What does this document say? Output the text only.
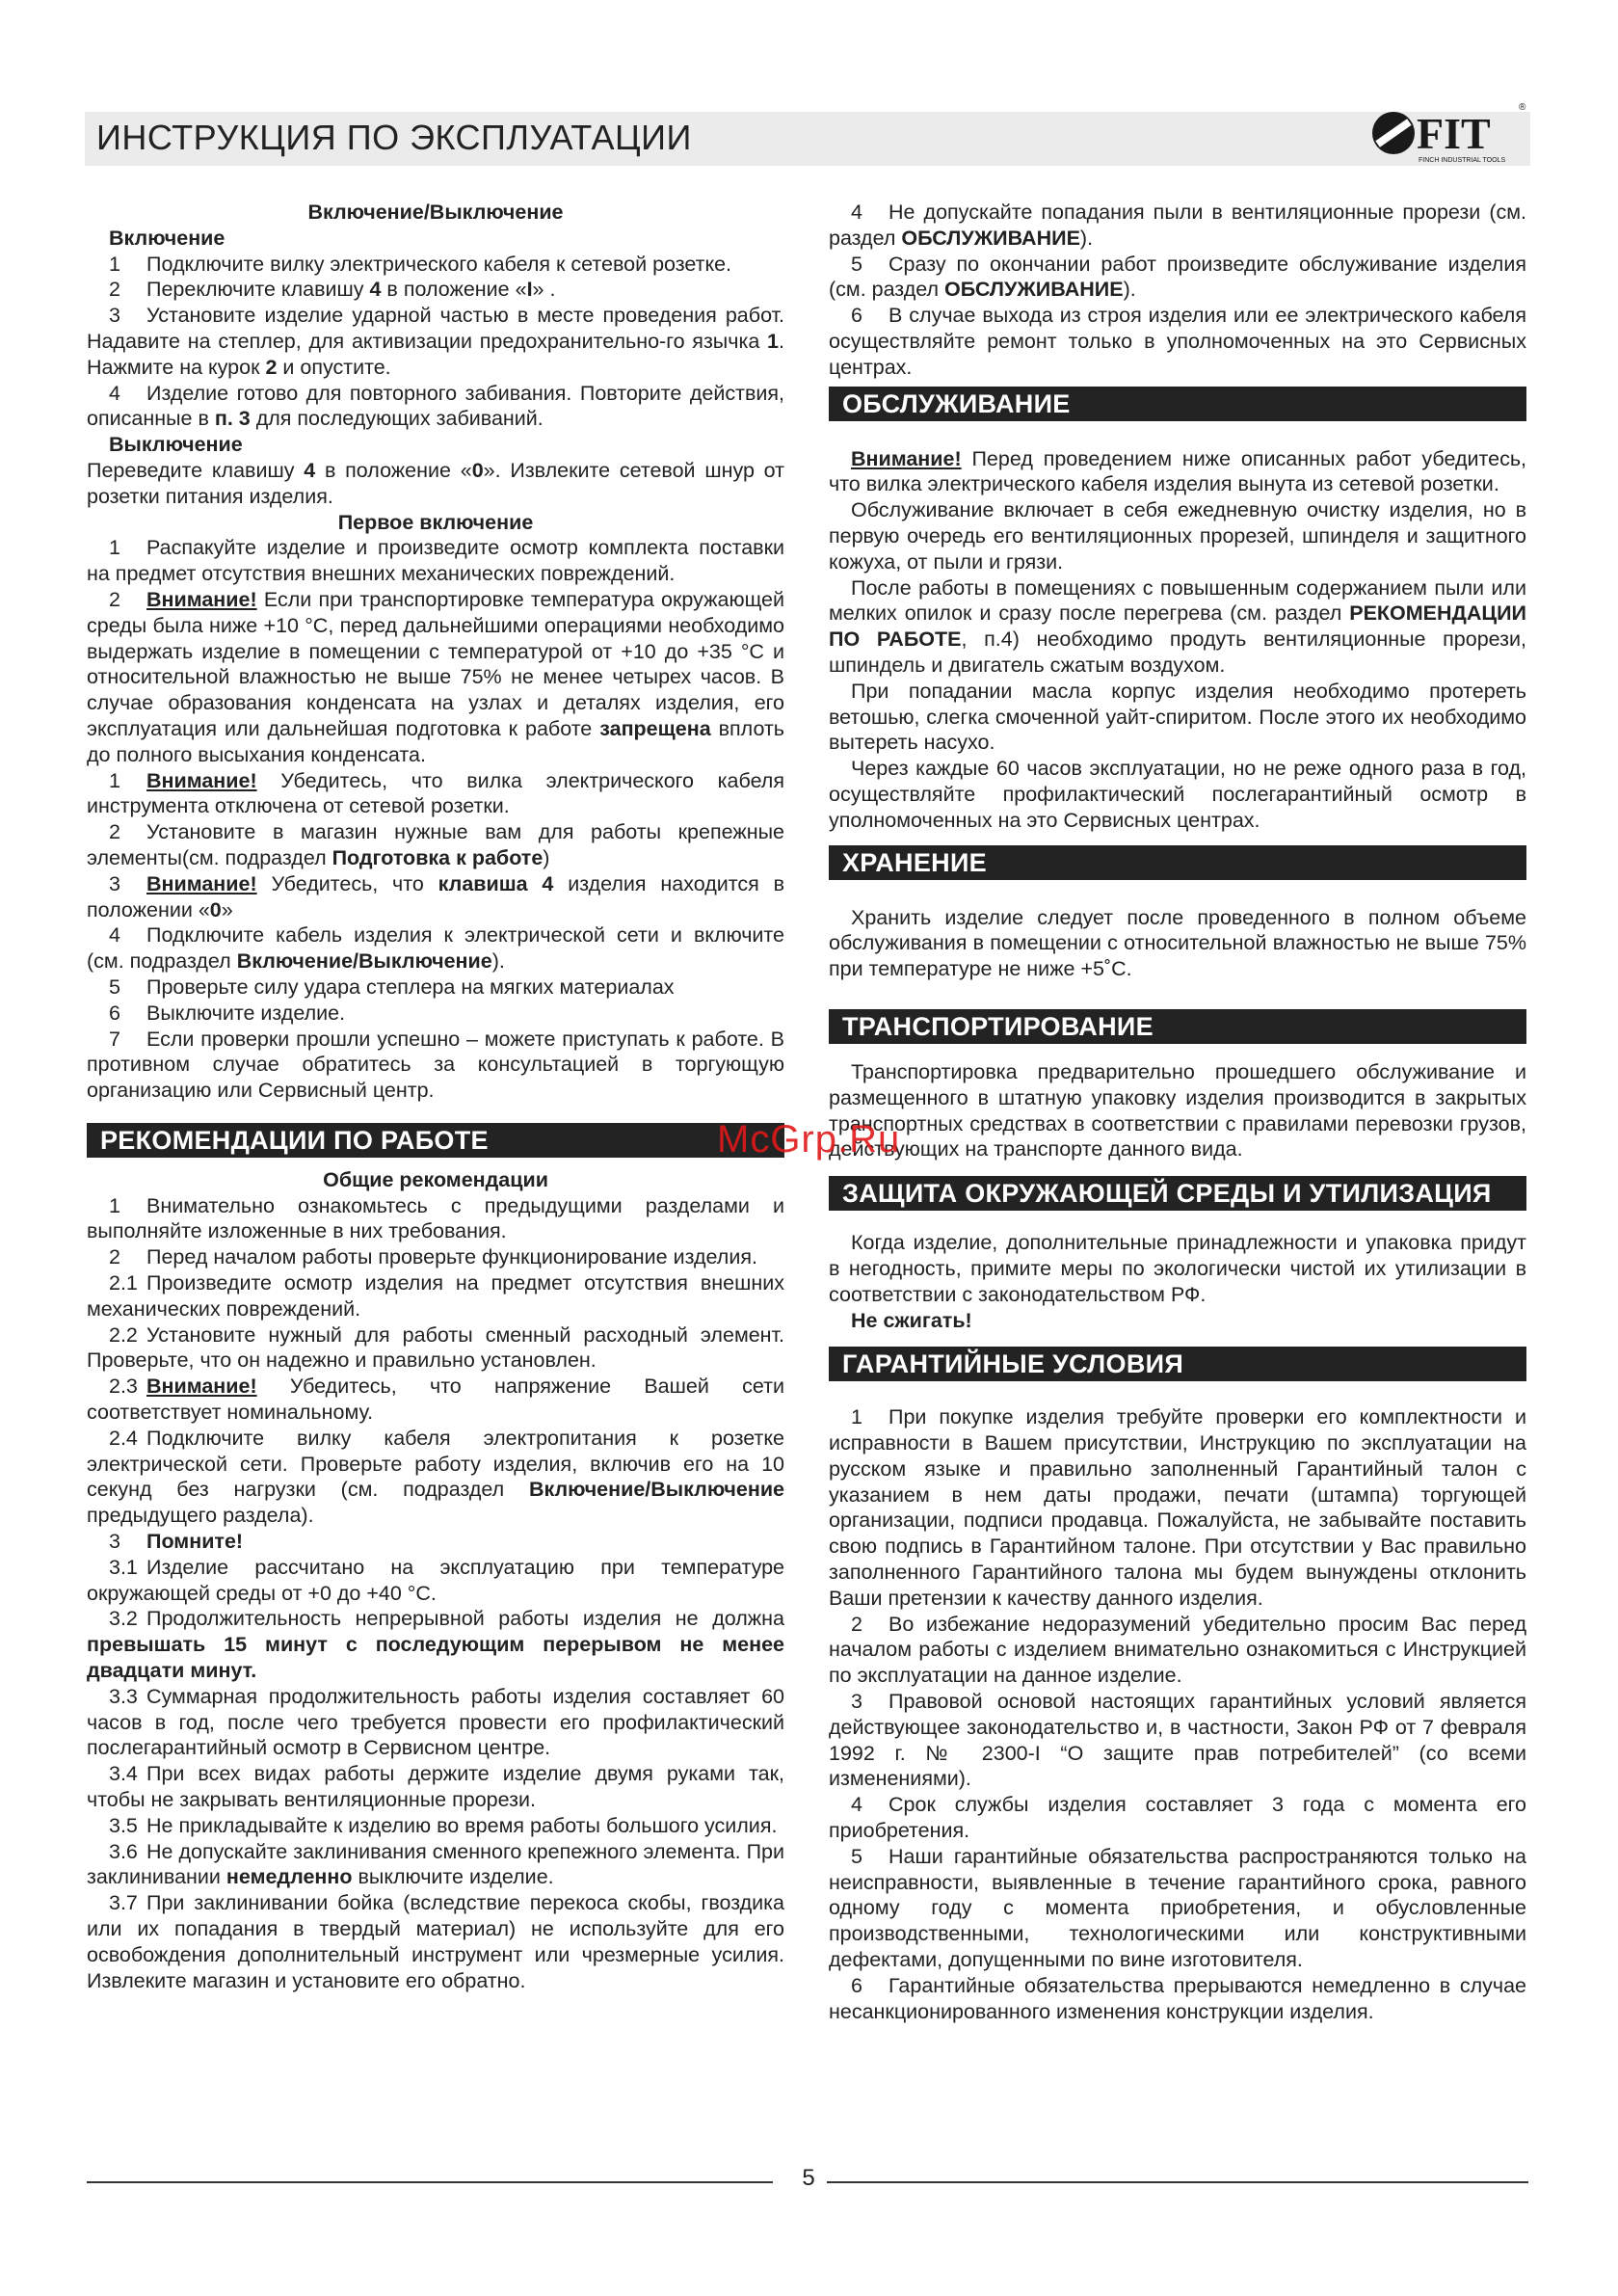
ИНСТРУКЦИЯ ПО ЭКСПЛУАТАЦИИ	FIT
FINCH INDUSTRIAL TOOLS
®
Включение/Выключение
Включение
1 Подключите вилку электрического кабеля к сетевой розетке.
2 Переключите клавишу 4 в положение «I» .
3 Установите изделие ударной частью в месте проведения работ. Надавите на степлер, для активизации предохранительно-го язычка 1. Нажмите на курок 2 и опустите.
4 Изделие готово для повторного забивания. Повторите действия, описанные в п. 3 для последующих забиваний.
Выключение
Переведите клавишу 4 в положение «0». Извлеките сетевой шнур от розетки питания изделия.
Первое включение
1 Распакуйте изделие и произведите осмотр комплекта поставки на предмет отсутствия внешних механических повреждений.
2 Внимание! Если при транспортировке температура окружающей среды была ниже +10 °С, перед дальнейшими операциями необходимо выдержать изделие в помещении с температурой от +10 до +35 °С и относительной влажностью не выше 75% не менее четырех часов. В случае образования конденсата на узлах и деталях изделия, его эксплуатация или дальнейшая подготовка к работе запрещена вплоть до полного высыхания конденсата.
1 Внимание! Убедитесь, что вилка электрического кабеля инструмента отключена от сетевой розетки.
2 Установите в магазин нужные вам для работы крепежные элементы(см. подраздел Подготовка к работе)
3 Внимание! Убедитесь, что клавиша 4 изделия находится в положении «0»
4 Подключите кабель изделия к электрической сети и включите (см. подраздел Включение/Выключение).
5 Проверьте силу удара степлера на мягких материалах
6 Выключите изделие.
7 Если проверки прошли успешно – можете приступать к работе. В противном случае обратитесь за консультацией в торгующую организацию или Сервисный центр.
РЕКОМЕНДАЦИИ ПО РАБОТЕ
Общие рекомендации
1 Внимательно ознакомьтесь с предыдущими разделами и выполняйте изложенные в них требования.
2 Перед началом работы проверьте функционирование изделия.
2.1 Произведите осмотр изделия на предмет отсутствия внешних механических повреждений.
2.2 Установите нужный для работы сменный расходный элемент. Проверьте, что он надежно и правильно установлен.
2.3 Внимание! Убедитесь, что напряжение Вашей сети соответствует номинальному.
2.4 Подключите вилку кабеля электропитания к розетке электрической сети. Проверьте работу изделия, включив его на 10 секунд без нагрузки (см. подраздел Включение/Выключение предыдущего раздела).
3 Помните!
3.1 Изделие рассчитано на эксплуатацию при температуре окружающей среды от +0 до +40 °С.
3.2 Продолжительность непрерывной работы изделия не должна превышать 15 минут с последующим перерывом не менее двадцати минут.
3.3 Суммарная продолжительность работы изделия составляет 60 часов в год, после чего требуется провести его профилактический послегарантийный осмотр в Сервисном центре.
3.4 При всех видах работы держите изделие двумя руками так, чтобы не закрывать вентиляционные прорези.
3.5 Не прикладывайте к изделию во время работы большого усилия.
3.6 Не допускайте заклинивания сменного крепежного элемента. При заклинивании немедленно выключите изделие.
3.7 При заклинивании бойка (вследствие перекоса скобы, гвоздика или их попадания в твердый материал) не используйте для его освобождения дополнительный инструмент или чрезмерные усилия. Извлеките магазин и установите его обратно.
4 Не допускайте попадания пыли в вентиляционные прорези (см. раздел ОБСЛУЖИВАНИЕ).
5 Сразу по окончании работ произведите обслуживание изделия (см. раздел ОБСЛУЖИВАНИЕ).
6 В случае выхода из строя изделия или ее электрического кабеля осуществляйте ремонт только в уполномоченных на это Сервисных центрах.
ОБСЛУЖИВАНИЕ
Внимание! Перед проведением ниже описанных работ убедитесь, что вилка электрического кабеля изделия вынута из сетевой розетки.
Обслуживание включает в себя ежедневную очистку изделия, но в первую очередь его вентиляционных прорезей, шпинделя и защитного кожуха, от пыли и грязи.
После работы в помещениях с повышенным содержанием пыли или мелких опилок и сразу после перегрева (см. раздел РЕКОМЕНДАЦИИ ПО РАБОТЕ, п.4) необходимо продуть вентиляционные прорези, шпиндель и двигатель сжатым воздухом.
При попадании масла корпус изделия необходимо протереть ветошью, слегка смоченной уайт-спиритом. После этого их необходимо вытереть насухо.
Через каждые 60 часов эксплуатации, но не реже одного раза в год, осуществляйте профилактический послегарантийный осмотр в уполномоченных на это Сервисных центрах.
ХРАНЕНИЕ
Хранить изделие следует после проведенного в полном объеме обслуживания в помещении с относительной влажностью не выше 75% при температуре не ниже +5˚С.
ТРАНСПОРТИРОВАНИЕ
Транспортировка предварительно прошедшего обслуживание и размещенного в штатную упаковку изделия производится в закрытых транспортных средствах в соответствии с правилами перевозки грузов, действующих на транспорте данного вида.
ЗАЩИТА ОКРУЖАЮЩЕЙ СРЕДЫ И УТИЛИЗАЦИЯ
Когда изделие, дополнительные принадлежности и упаковка придут в негодность, примите меры по экологически чистой их утилизации в соответствии с законодательством РФ.
Не сжигать!
ГАРАНТИЙНЫЕ УСЛОВИЯ
1 При покупке изделия требуйте проверки его комплектности и исправности в Вашем присутствии, Инструкцию по эксплуатации на русском языке и правильно заполненный Гарантийный талон с указанием в нем даты продажи, печати (штампа) торгующей организации, подписи продавца. Пожалуйста, не забывайте поставить свою подпись в Гарантийном талоне. При отсутствии у Вас правильно заполненного Гарантийного талона мы будем вынуждены отклонить Ваши претензии к качеству данного изделия.
2 Во избежание недоразумений убедительно просим Вас перед началом работы с изделием внимательно ознакомиться с Инструкцией по эксплуатации на данное изделие.
3 Правовой основой настоящих гарантийных условий является действующее законодательство и, в частности, Закон РФ от 7 февраля 1992 г. № 2300-I “О защите прав потребителей” (со всеми изменениями).
4 Срок службы изделия составляет 3 года с момента его приобретения.
5 Наши гарантийные обязательства распространяются только на неисправности, выявленные в течение гарантийного срока, равного одному году с момента приобретения, и обусловленные производственными, технологическими или конструктивными дефектами, допущенными по вине изготовителя.
6 Гарантийные обязательства прерываются немедленно в случае несанкционированного изменения конструкции изделия.
McGrp.Ru
5
